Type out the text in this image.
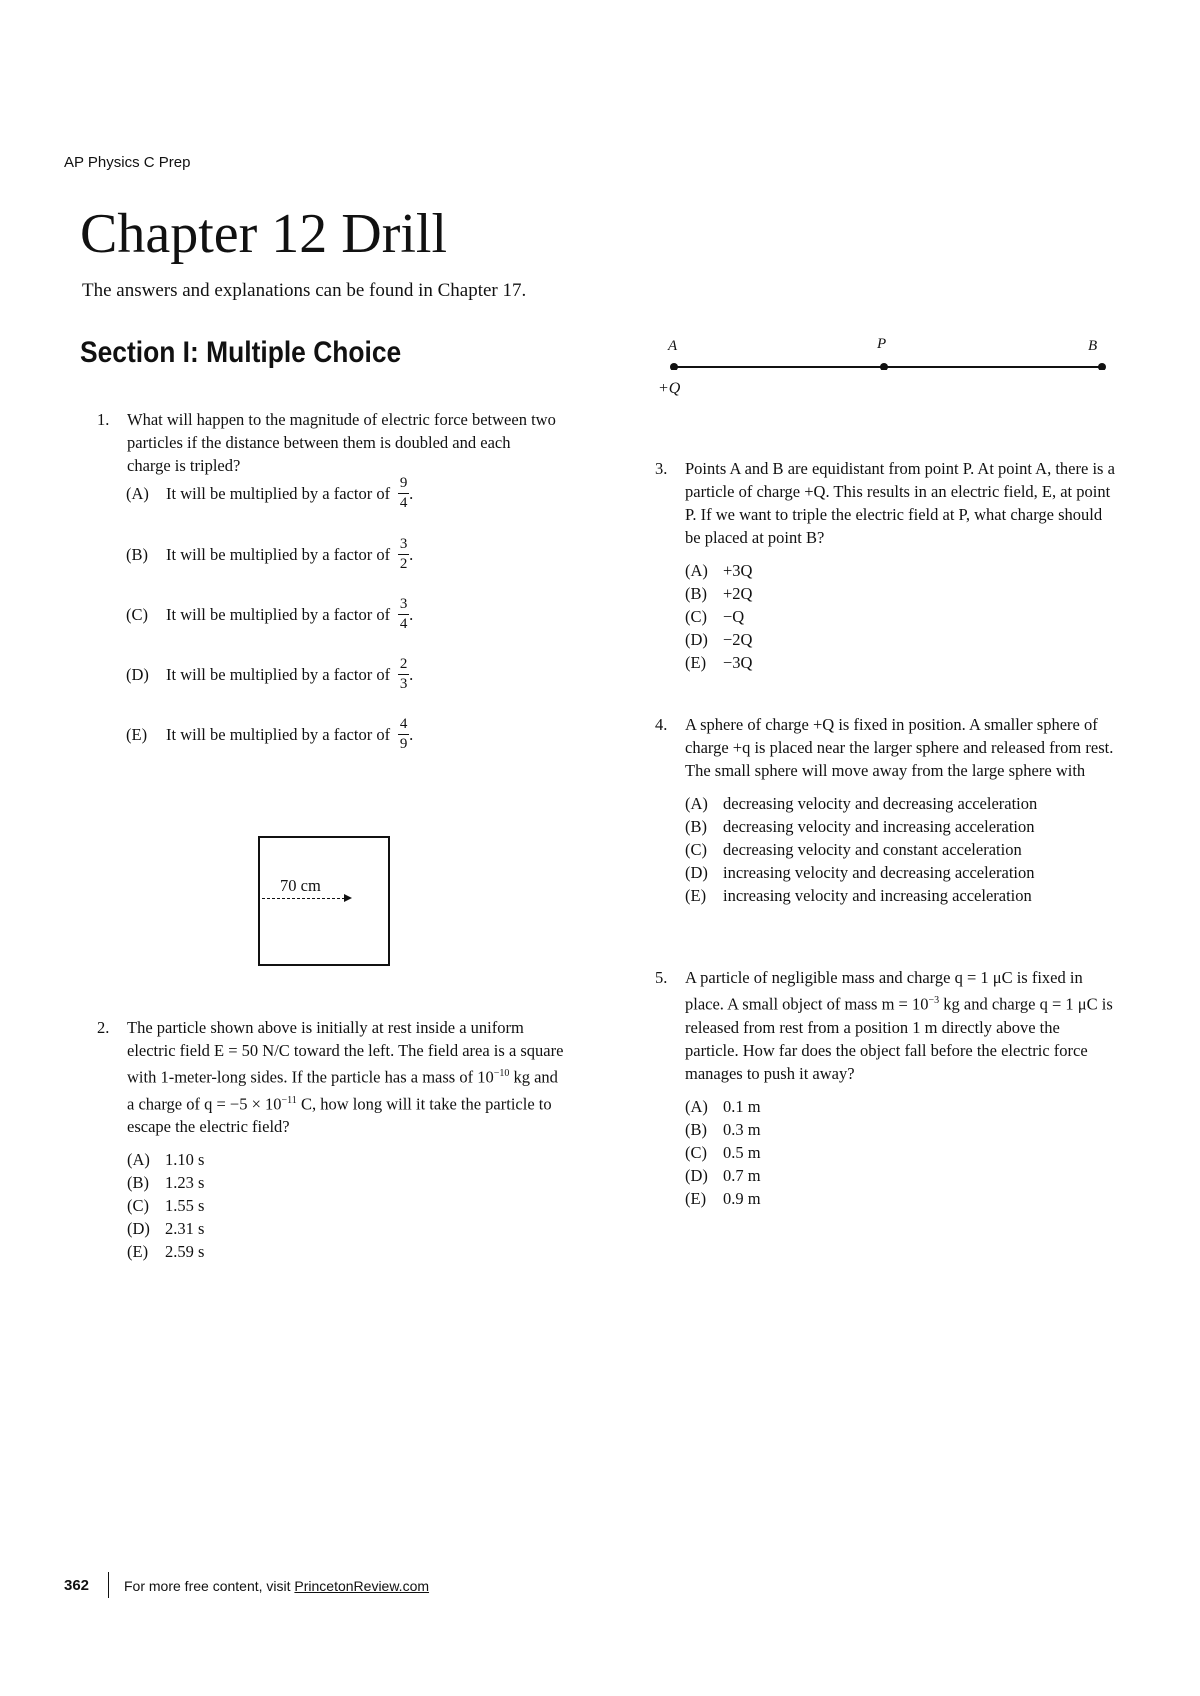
AP Physics C Prep
Chapter 12 Drill
The answers and explanations can be found in Chapter 17.
Section I: Multiple Choice
1. What will happen to the magnitude of electric force between two particles if the distance between them is doubled and each charge is tripled?
(A)	It will be multiplied by a factor of $\frac{9}{4}$ .
(B)	It will be multiplied by a factor of $\frac{3}{2}$ .
(C)	It will be multiplied by a factor of $\frac{3}{4}$ .
(D)	It will be multiplied by a factor of $\frac{2}{3}$ .
(E)	It will be multiplied by a factor of $\frac{4}{9}$ .
70 cm
2. The particle shown above is initially at rest inside a uniform electric field E = 50 N/C toward the left. The field area is a square with 1-meter-long sides. If the particle has a mass of $10^{-10}$ kg and a charge of $q = -5 \times 10^{-11}$ C, how long will it take the particle to escape the electric field?
(A) 1.10 s
(B) 1.23 s
(C) 1.55 s
(D) 2.31 s
(E)	2.59 s
A	P	B
+Q
3. Points A and B are equidistant from point P. At point A, there is a particle of charge +Q. This results in an electric field, E, at point P. If we want to triple the electric field at P, what charge should be placed at point B?
(A) +3Q
(B) +2Q
(C) −Q
(D) −2Q
(E)	−3Q
4. A sphere of charge +Q is fixed in position. A smaller sphere of charge +q is placed near the larger sphere and released from rest. The small sphere will move away from the large sphere with
(A) decreasing velocity and decreasing acceleration
(B) decreasing velocity and increasing acceleration
(C) decreasing velocity and constant acceleration
(D) increasing velocity and decreasing acceleration
(E)	increasing velocity and increasing acceleration
5. A particle of negligible mass and charge q = 1 μC is fixed in place. A small object of mass $m = 10^{-3}$ kg and charge q = 1 μC is released from rest from a position 1 m directly above the particle. How far does the object fall before the electric force manages to push it away?
(A) 0.1 m
(B) 0.3 m
(C) 0.5 m
(D) 0.7 m
(E)	0.9 m
362 For more free content, visit PrincetonReview.com
